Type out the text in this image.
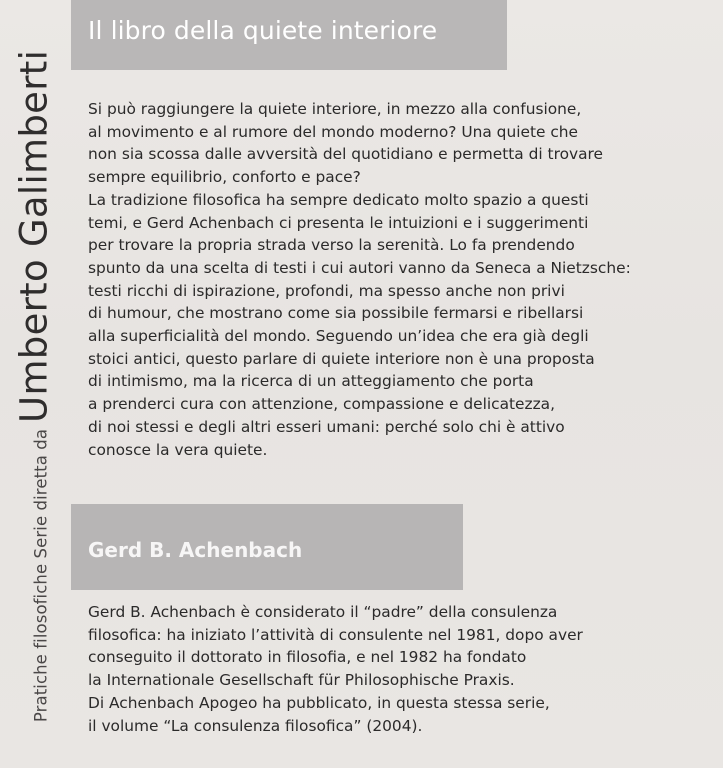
Pratiche filosofiche Serie diretta da
Umberto Galimberti
Il libro della quiete interiore
Si può raggiungere la quiete interiore, in mezzo alla confusione,
al movimento e al rumore del mondo moderno? Una quiete che
non sia scossa dalle avversità del quotidiano e permetta di trovare
sempre equilibrio, conforto e pace?
La tradizione filosofica ha sempre dedicato molto spazio a questi
temi, e Gerd Achenbach ci presenta le intuizioni e i suggerimenti
per trovare la propria strada verso la serenità. Lo fa prendendo
spunto da una scelta di testi i cui autori vanno da Seneca a Nietzsche:
testi ricchi di ispirazione, profondi, ma spesso anche non privi
di humour, che mostrano come sia possibile fermarsi e ribellarsi
alla superficialità del mondo. Seguendo un’idea che era già degli
stoici antici, questo parlare di quiete interiore non è una proposta
di intimismo, ma la ricerca di un atteggiamento che porta
a prenderci cura con attenzione, compassione e delicatezza,
di noi stessi e degli altri esseri umani: perché solo chi è attivo
conosce la vera quiete.
Gerd B. Achenbach
Gerd B. Achenbach è considerato il “padre” della consulenza
filosofica: ha iniziato l’attività di consulente nel 1981, dopo aver
conseguito il dottorato in filosofia, e nel 1982 ha fondato
la Internationale Gesellschaft für Philosophische Praxis.
Di Achenbach Apogeo ha pubblicato, in questa stessa serie,
il volume “La consulenza filosofica” (2004).
